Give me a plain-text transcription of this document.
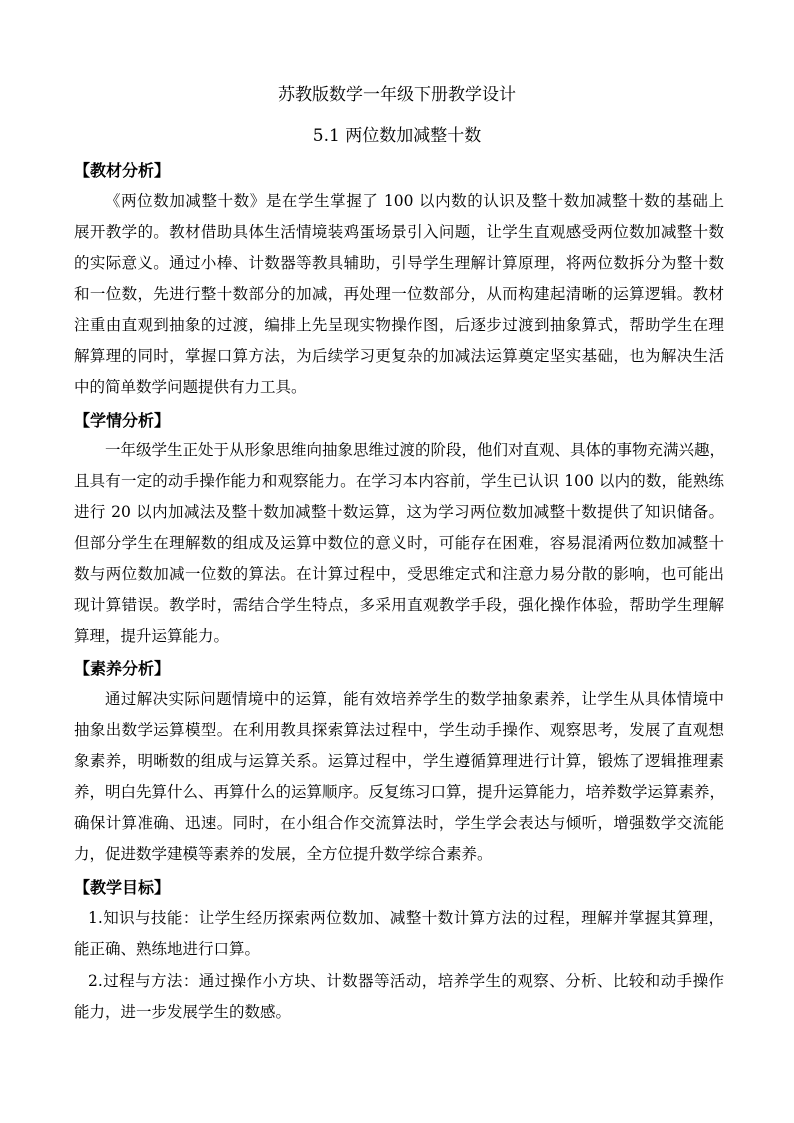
苏教版数学一年级下册教学设计
5.1 两位数加减整十数
【教材分析】
《两位数加减整十数》是在学生掌握了 100 以内数的认识及整十数加减整十数的基础上
展开教学的。教材借助具体生活情境装鸡蛋场景引入问题，让学生直观感受两位数加减整十数
的实际意义。通过小棒、计数器等教具辅助，引导学生理解计算原理，将两位数拆分为整十数
和一位数，先进行整十数部分的加减，再处理一位数部分，从而构建起清晰的运算逻辑。教材
注重由直观到抽象的过渡，编排上先呈现实物操作图，后逐步过渡到抽象算式，帮助学生在理
解算理的同时，掌握口算方法，为后续学习更复杂的加减法运算奠定坚实基础，也为解决生活
中的简单数学问题提供有力工具。
【学情分析】
一年级学生正处于从形象思维向抽象思维过渡的阶段，他们对直观、具体的事物充满兴趣，
且具有一定的动手操作能力和观察能力。在学习本内容前，学生已认识 100 以内的数，能熟练
进行 20 以内加减法及整十数加减整十数运算，这为学习两位数加减整十数提供了知识储备。
但部分学生在理解数的组成及运算中数位的意义时，可能存在困难，容易混淆两位数加减整十
数与两位数加减一位数的算法。在计算过程中，受思维定式和注意力易分散的影响，也可能出
现计算错误。教学时，需结合学生特点，多采用直观教学手段，强化操作体验，帮助学生理解
算理，提升运算能力。
【素养分析】
通过解决实际问题情境中的运算，能有效培养学生的数学抽象素养，让学生从具体情境中
抽象出数学运算模型。在利用教具探索算法过程中，学生动手操作、观察思考，发展了直观想
象素养，明晰数的组成与运算关系。运算过程中，学生遵循算理进行计算，锻炼了逻辑推理素
养，明白先算什么、再算什么的运算顺序。反复练习口算，提升运算能力，培养数学运算素养，
确保计算准确、迅速。同时，在小组合作交流算法时，学生学会表达与倾听，增强数学交流能
力，促进数学建模等素养的发展，全方位提升数学综合素养。
【教学目标】
1.知识与技能：让学生经历探索两位数加、减整十数计算方法的过程，理解并掌握其算理，
能正确、熟练地进行口算。
2.过程与方法：通过操作小方块、计数器等活动，培养学生的观察、分析、比较和动手操作
能力，进一步发展学生的数感。
